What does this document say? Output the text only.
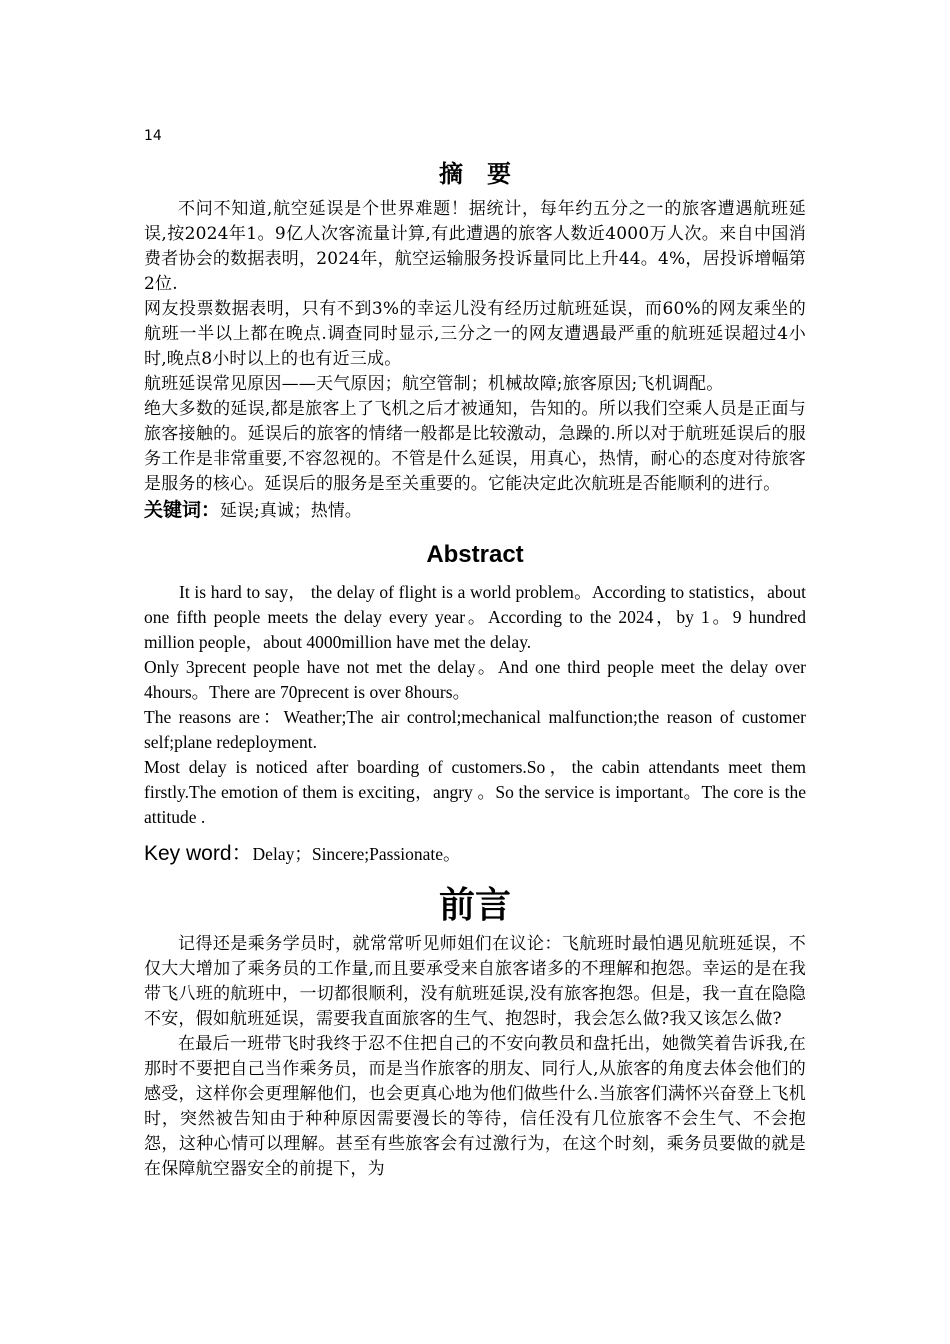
14
摘　要

不问不知道,航空延误是个世界难题！据统计，每年约五分之一的旅客遭遇航班延误,按2024年1。9亿人次客流量计算,有此遭遇的旅客人数近4000万人次。来自中国消费者协会的数据表明，2024年，航空运输服务投诉量同比上升44。4%，居投诉增幅第2位.

网友投票数据表明，只有不到3%的幸运儿没有经历过航班延误，而60%的网友乘坐的航班一半以上都在晚点.调查同时显示,三分之一的网友遭遇最严重的航班延误超过4小时,晚点8小时以上的也有近三成。

航班延误常见原因——天气原因；航空管制；机械故障;旅客原因;飞机调配。

绝大多数的延误,都是旅客上了飞机之后才被通知，告知的。所以我们空乘人员是正面与旅客接触的。延误后的旅客的情绪一般都是比较激动，急躁的.所以对于航班延误后的服务工作是非常重要,不容忽视的。不管是什么延误，用真心，热情，耐心的态度对待旅客是服务的核心。延误后的服务是至关重要的。它能决定此次航班是否能顺利的进行。

关键词：延误;真诚；热情。

Abstract

It is hard to say， the delay of flight is a world problem。According to statistics，about one fifth people meets the delay every year。According to the 2024，by 1。9 hundred million people，about 4000million have met the delay.

Only 3precent people have not met the delay。And one third people meet the delay over 4hours。There are 70precent is over 8hours。

The reasons are：Weather;The air control;mechanical malfunction;the reason of customer self;plane redeployment.

Most delay is noticed after boarding of customers.So，the cabin attendants meet them firstly.The emotion of them is exciting，angry 。So the service is important。The core is the attitude .

Key word：Delay；Sincere;Passionate。

前言

记得还是乘务学员时，就常常听见师姐们在议论：飞航班时最怕遇见航班延误，不仅大大增加了乘务员的工作量,而且要承受来自旅客诸多的不理解和抱怨。幸运的是在我带飞八班的航班中，一切都很顺利，没有航班延误,没有旅客抱怨。但是，我一直在隐隐不安，假如航班延误，需要我直面旅客的生气、抱怨时，我会怎么做?我又该怎么做?

在最后一班带飞时我终于忍不住把自己的不安向教员和盘托出，她微笑着告诉我,在那时不要把自己当作乘务员，而是当作旅客的朋友、同行人,从旅客的角度去体会他们的感受，这样你会更理解他们，也会更真心地为他们做些什么.当旅客们满怀兴奋登上飞机时，突然被告知由于种种原因需要漫长的等待，信任没有几位旅客不会生气、不会抱怨，这种心情可以理解。甚至有些旅客会有过激行为，在这个时刻，乘务员要做的就是在保障航空器安全的前提下，为
